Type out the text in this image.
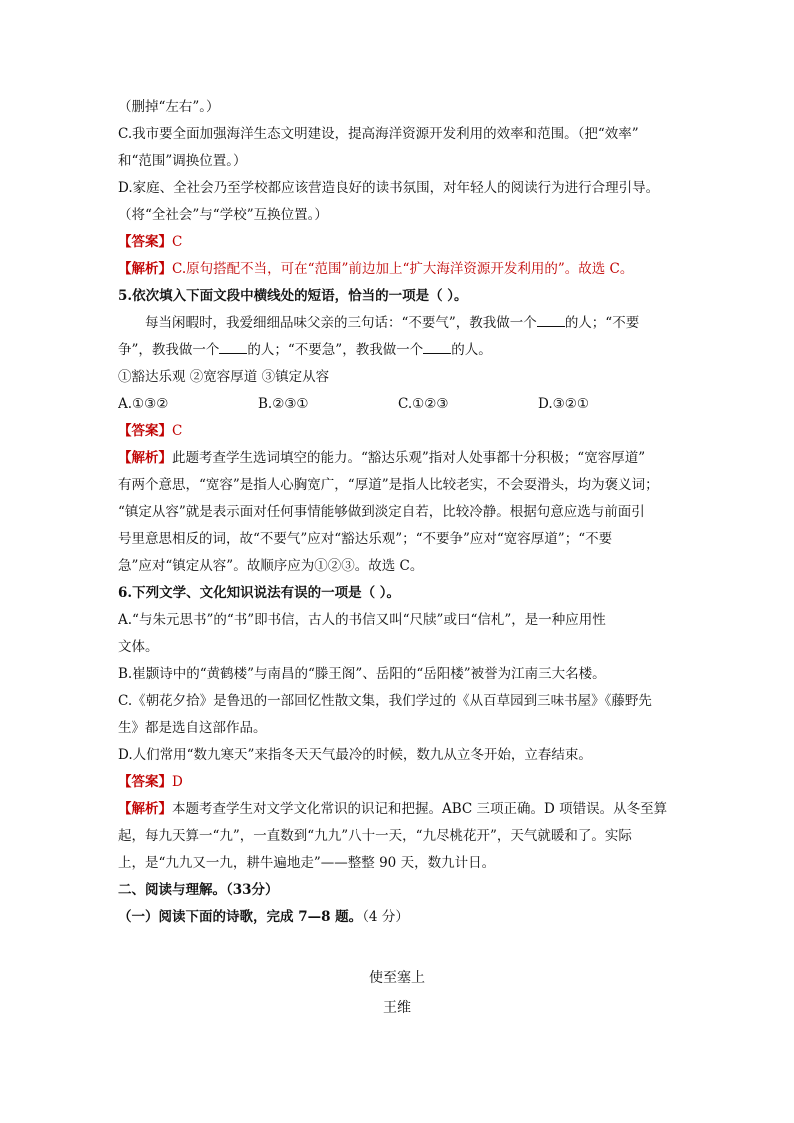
（删掉“左右”。）
C.我市要全面加强海洋生态文明建设，提高海洋资源开发利用的效率和范围。（把“效率”
和“范围”调换位置。）
D.家庭、全社会乃至学校都应该营造良好的读书氛围，对年轻人的阅读行为进行合理引导。
（将“全社会”与“学校”互换位置。）
【答案】C
【解析】C.原句搭配不当，可在“范围”前边加上“扩大海洋资源开发利用的”。故选 C。
5.依次填入下面文段中横线处的短语，恰当的一项是（ ）。
每当闲暇时，我爱细细品味父亲的三句话：“不要气”，教我做一个 的人；“不要
争”，教我做一个 的人；“不要急”，教我做一个 的人。
①豁达乐观 ②宽容厚道 ③镇定从容
A.①③②	B.②③①	C.①②③	D.③②①
【答案】C
【解析】此题考查学生选词填空的能力。“豁达乐观”指对人处事都十分积极；“宽容厚道”
有两个意思，“宽容”是指人心胸宽广，“厚道”是指人比较老实，不会耍滑头，均为褒义词；
“镇定从容”就是表示面对任何事情能够做到淡定自若，比较冷静。根据句意应选与前面引
号里意思相反的词，故“不要气”应对“豁达乐观”；“不要争”应对“宽容厚道”；“不要
急”应对“镇定从容”。故顺序应为①②③。故选 C。
6.下列文学、文化知识说法有误的一项是（ ）。
A.“与朱元思书”的“书”即书信，古人的书信又叫“尺牍”或曰“信札”，是一种应用性
文体。
B.崔颢诗中的“黄鹤楼”与南昌的“滕王阁”、岳阳的“岳阳楼”被誉为江南三大名楼。
C.《朝花夕拾》是鲁迅的一部回忆性散文集，我们学过的《从百草园到三味书屋》《藤野先
生》都是选自这部作品。
D.人们常用“数九寒天”来指冬天天气最冷的时候，数九从立冬开始，立春结束。
【答案】D
【解析】本题考查学生对文学文化常识的识记和把握。ABC 三项正确。D 项错误。从冬至算
起，每九天算一“九”，一直数到“九九”八十一天，“九尽桃花开”，天气就暖和了。实际
上，是“九九又一九，耕牛遍地走”——整整 90 天，数九计日。
二、阅读与理解。（33分）
（一）阅读下面的诗歌，完成 7—8 题。（4 分）
使至塞上
王维
